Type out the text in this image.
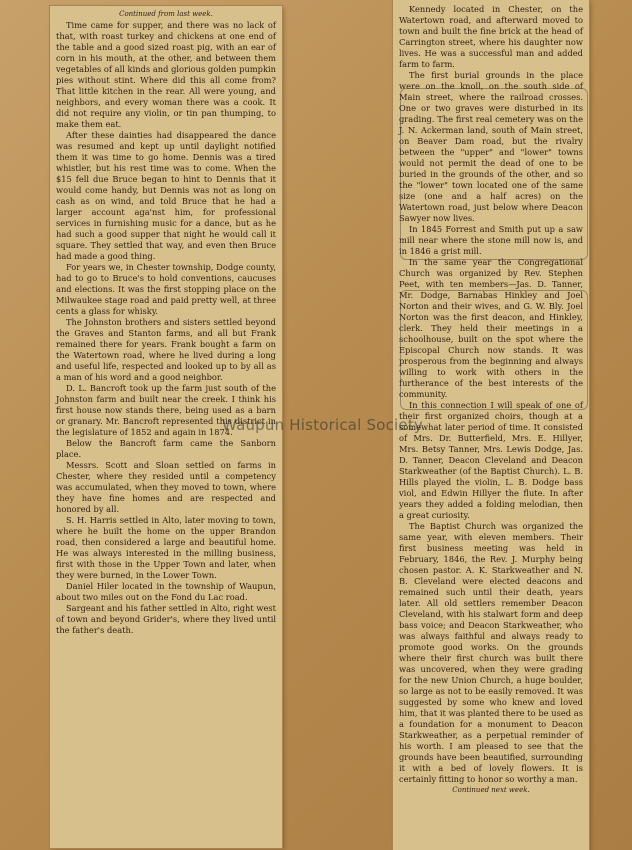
Continued from last week.

Time came for supper, and there was no lack of that, with roast turkey and chickens at one end of the table and a good sized roast pig, with an ear of corn in his mouth, at the other, and between them vegetables of all kinds and glorious golden pumpkin pies without stint. Where did this all come from? That little kitchen in the rear. All were young, and neighbors, and every woman there was a cook. It did not require any violin, or tin pan thumping, to make them eat.

After these dainties had disappeared the dance was resumed and kept up until daylight notified them it was time to go home. Dennis was a tired whistler, but his rest time was to come. When the $15 fell due Bruce began to hint to Dennis that it would come handy, but Dennis was not as long on cash as on wind, and told Bruce that he had a larger account aga'nst him, for professional services in furnishing music for a dance, but as he had such a good supper that night he would call it square. They settled that way, and even then Bruce had made a good thing.

For years we, in Chester township, Dodge county, had to go to Bruce's to hold conventions, caucuses and elections. It was the first stopping place on the Milwaukee stage road and paid pretty well, at three cents a glass for whisky.

The Johnston brothers and sisters settled beyond the Graves and Stanton farms, and all but Frank remained there for years. Frank bought a farm on the Watertown road, where he lived during a long and useful life, respected and looked up to by all as a man of his word and a good neighbor.

D. L. Bancroft took up the farm just south of the Johnston farm and built near the creek. I think his first house now stands there, being used as a barn or granary. Mr. Bancroft represented this district in the legislature of 1852 and again in 1874.

Below the Bancroft farm came the Sanborn place.

Messrs. Scott and Sloan settled on farms in Chester, where they resided until a competency was accumulated, when they moved to town, where they have fine homes and are respected and honored by all.

S. H. Harris settled in Alto, later moving to town, where he built the home on the upper Brandon road, then considered a large and beautiful home. He was always interested in the milling business, first with those in the Upper Town and later, when they were burned, in the Lower Town.

Daniel Hiler located in the township of Waupun, about two miles out on the Fond du Lac road.

Sargeant and his father settled in Alto, right west of town and beyond Grider's, where they lived until the father's death.

Kennedy located in Chester, on the Watertown road, and afterward moved to town and built the fine brick at the head of Carrington street, where his daughter now lives. He was a successful man and added farm to farm.

The first burial grounds in the place were on the knoll, on the south side of Main street, where the railroad crosses. One or two graves were disturbed in its grading. The first real cemetery was on the J. N. Ackerman land, south of Main street, on Beaver Dam road, but the rivalry between the "upper" and "lower" towns would not permit the dead of one to be buried in the grounds of the other, and so the "lower" town located one of the same size (one and a half acres) on the Watertown road, just below where Deacon Sawyer now lives.

In 1845 Forrest and Smith put up a saw mill near where the stone mill now is, and in 1846 a grist mill.

In the same year the Congregational Church was organized by Rev. Stephen Peet, with ten members—Jas. D. Tanner, Mr. Dodge, Barnabas Hinkley and Joel Norton and their wives, and G. W. Bly. Joel Norton was the first deacon, and Hinkley, clerk. They held their meetings in a schoolhouse, built on the spot where the Episcopal Church now stands. It was prosperous from the beginning and always willing to work with others in the furtherance of the best interests of the community.

In this connection I will speak of one of their first organized choirs, though at a somewhat later period of time. It consisted of Mrs. Dr. Butterfield, Mrs. E. Hillyer, Mrs. Betsy Tanner, Mrs. Lewis Dodge, Jas. D. Tanner, Deacon Cleveland and Deacon Starkweather (of the Baptist Church). L. B. Hills played the violin, L. B. Dodge bass viol, and Edwin Hillyer the flute. In after years they added a folding melodian, then a great curiosity.

The Baptist Church was organized the same year, with eleven members. Their first business meeting was held in February, 1846, the Rev. J. Murphy being chosen pastor. A. K. Starkweather and N. B. Cleveland were elected deacons and remained such until their death, years later. All old settlers remember Deacon Cleveland, with his stalwart form and deep bass voice; and Deacon Starkweather, who was always faithful and always ready to promote good works. On the grounds where their first church was built there was uncovered, when they were grading for the new Union Church, a huge boulder, so large as not to be easily removed. It was suggested by some who knew and loved him, that it was planted there to be used as a foundation for a monument to Deacon Starkweather, as a perpetual reminder of his worth. I am pleased to see that the grounds have been beautified, surrounding it with a bed of lovely flowers. It is certainly fitting to honor so worthy a man.

Continued next week.
Waupun Historical Society
